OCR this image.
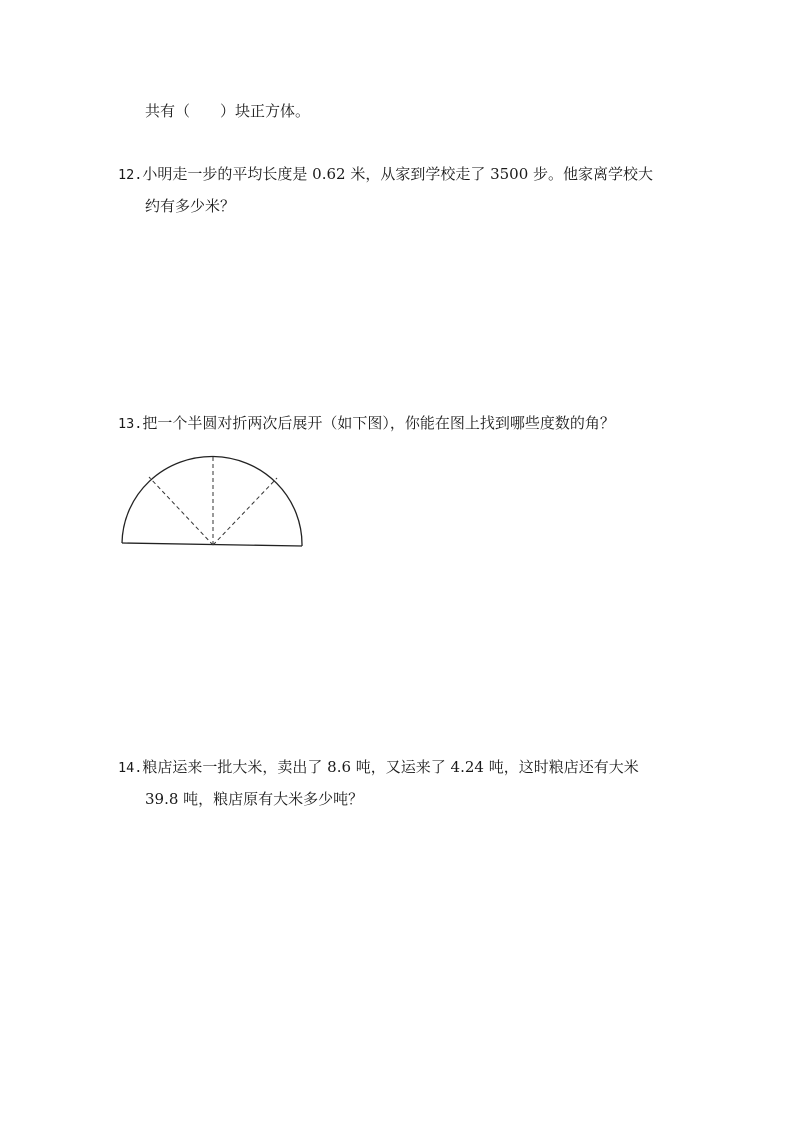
共有（　　）块正方体。
12.小明走一步的平均长度是 0.62 米，从家到学校走了 3500 步。他家离学校大
约有多少米？
13.把一个半圆对折两次后展开（如下图），你能在图上找到哪些度数的角？
14.粮店运来一批大米，卖出了 8.6 吨，又运来了 4.24 吨，这时粮店还有大米
39.8 吨，粮店原有大米多少吨？
